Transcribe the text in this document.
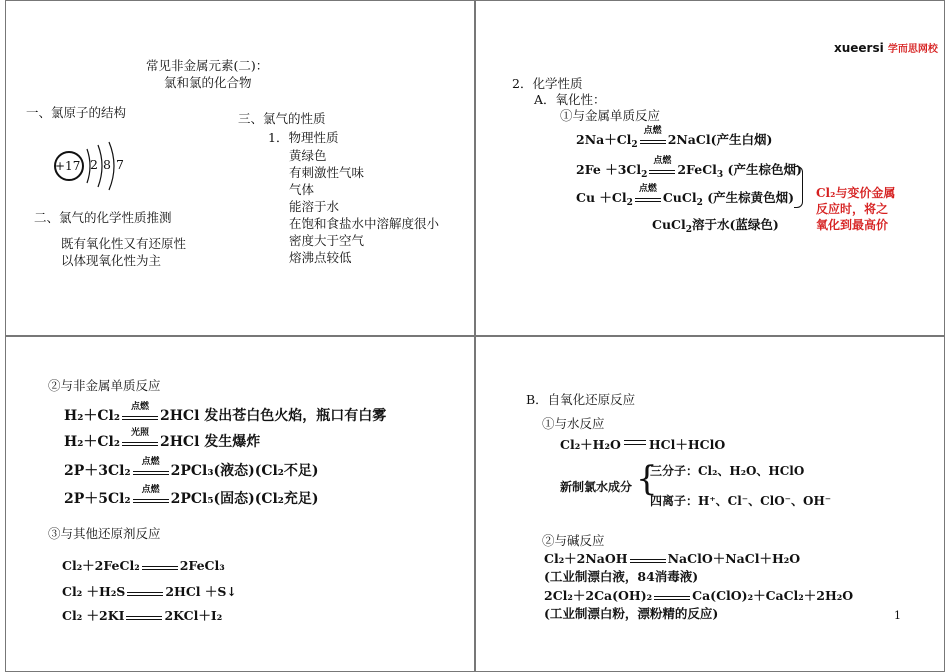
常见非金属元素(二)：
氯和氯的化合物
一、氯原子的结构
+17 2 8 7
二、氯气的化学性质推测
既有氧化性又有还原性
以体现氧化性为主
三、氯气的性质
1．物理性质
黄绿色
有刺激性气味
气体
能溶于水
在饱和食盐水中溶解度很小
密度大于空气
熔沸点较低
xueersi 学而思网校
2．化学性质
A．氧化性：
①与金属单质反应
$2Na+Cl_2$
点燃
2NaCl(产生白烟)
$2Fe +3Cl_2$
点燃
2FeCl$_3$ (产生棕色烟)
$Cu +Cl_2$
点燃
CuCl$_2$ (产生棕黄色烟)
CuCl$_2$溶于水(蓝绿色)
Cl₂与变价金属
反应时，将之
氧化到最高价
②与非金属单质反应
H₂＋Cl₂
点燃
2HCl 发出苍白色火焰，瓶口有白雾
H₂＋Cl₂
光照
2HCl 发生爆炸
2P＋3Cl₂
点燃
2PCl₃(液态)(Cl₂不足)
2P＋5Cl₂
点燃
2PCl₅(固态)(Cl₂充足)
③与其他还原剂反应
Cl₂＋2FeCl₂	2FeCl₃
Cl₂ ＋H₂S	2HCl ＋S↓
Cl₂ ＋2KI	2KCl＋I₂
B．自氧化还原反应
①与水反应
Cl₂＋H₂O HCl＋HClO
新制氯水成分 {
三分子：Cl₂、H₂O、HClO
四离子：H⁺、Cl⁻、ClO⁻、OH⁻
②与碱反应
Cl₂＋2NaOH	NaClO＋NaCl＋H₂O
(工业制漂白液，84消毒液)
2Cl₂＋2Ca(OH)₂	Ca(ClO)₂＋CaCl₂＋2H₂O
(工业制漂白粉，漂粉精的反应)	1
